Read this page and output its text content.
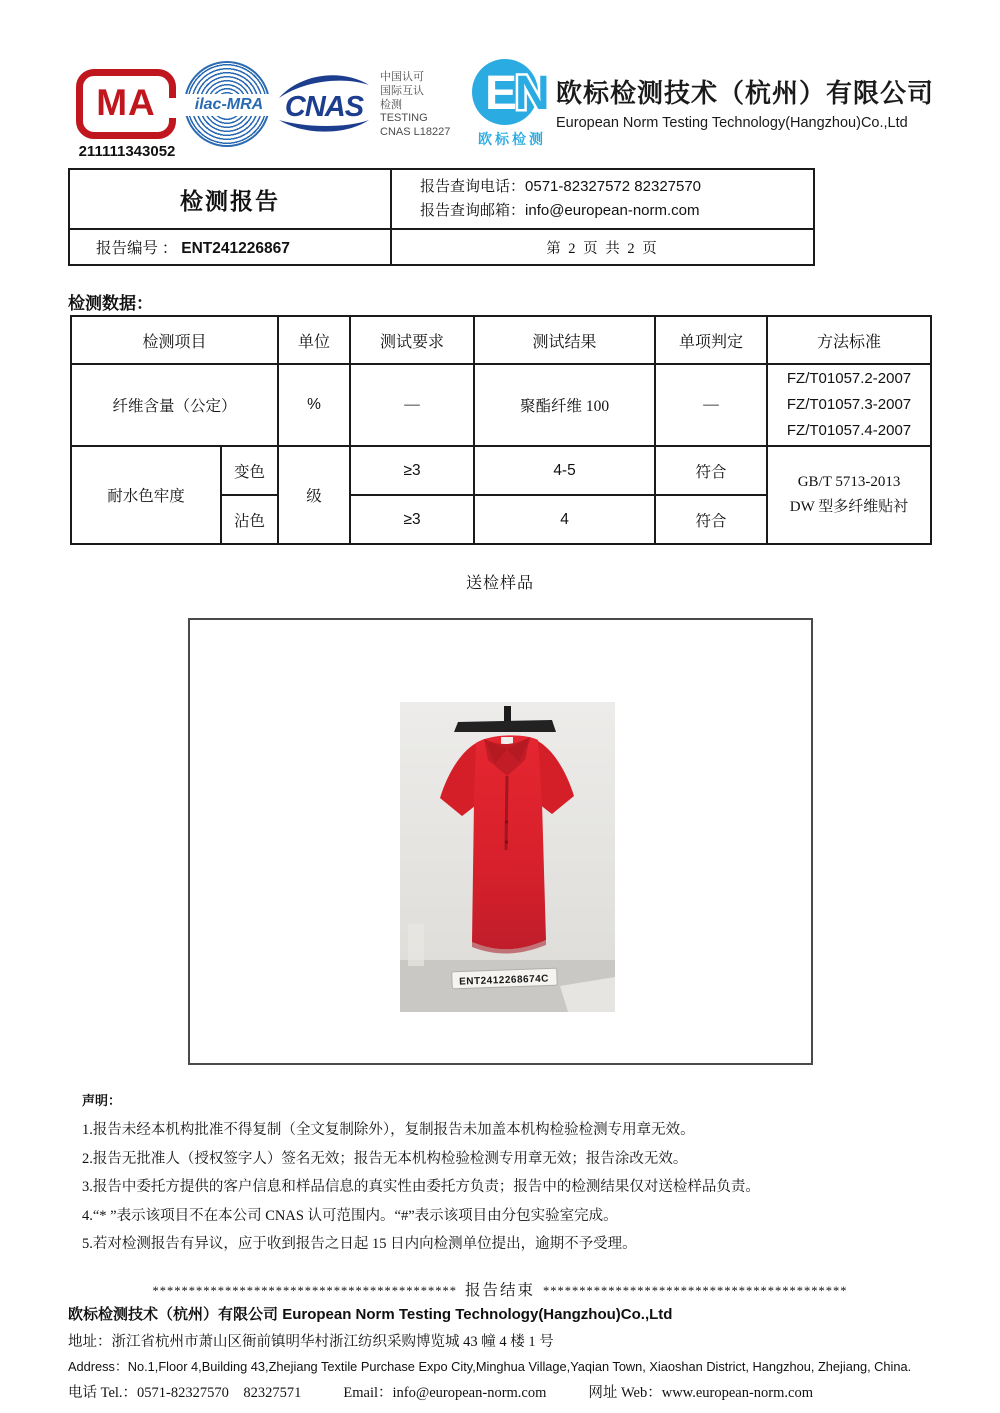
MA
211111343052
ilac-MRA CNAS
中国认可
国际互认
检测
TESTING
CNAS L18227
E
N
欧标检测
欧标检测技术（杭州）有限公司
European Norm Testing Technology(Hangzhou)Co.,Ltd
检测报告	报告查询电话：0571-82327572 82327570
报告查询邮箱：info@european-norm.com

报告编号 ： ENT241226867	第 2 页 共 2 页
检测数据：
检测项目		单位	测试要求	测试结果	单项判定	方法标准
纤维含量（公定）		%	—	聚酯纤维 100	—	FZ/T01057.2-2007
FZ/T01057.3-2007
FZ/T01057.4-2007

耐水色牢度	变色	级	≥3	4-5	符合	GB/T 5713-2013
DW 型多纤维贴衬

	沾色		≥3	4	符合	
送检样品
ENT2412268674C
声明：
1.报告未经本机构批准不得复制（全文复制除外），复制报告未加盖本机构检验检测专用章无效。
2.报告无批准人（授权签字人）签名无效；报告无本机构检验检测专用章无效；报告涂改无效。
3.报告中委托方提供的客户信息和样品信息的真实性由委托方负责；报告中的检测结果仅对送检样品负责。
4.“* ”表示该项目不在本公司 CNAS 认可范围内。“#”表示该项目由分包实验室完成。
5.若对检测报告有异议，应于收到报告之日起 15 日内向检测单位提出，逾期不予受理。
****************************************** 报告结束 ******************************************
欧标检测技术（杭州）有限公司 European Norm Testing Technology(Hangzhou)Co.,Ltd
地址：浙江省杭州市萧山区衙前镇明华村浙江纺织采购博览城 43 幢 4 楼 1 号
Address：No.1,Floor 4,Building 43,Zhejiang Textile Purchase Expo City,Minghua Village,Yaqian Town, Xiaoshan District, Hangzhou, Zhejiang, China.
电话 Tel.：0571-82327570　82327571	Email：info@european-norm.com	网址 Web：www.european-norm.com
